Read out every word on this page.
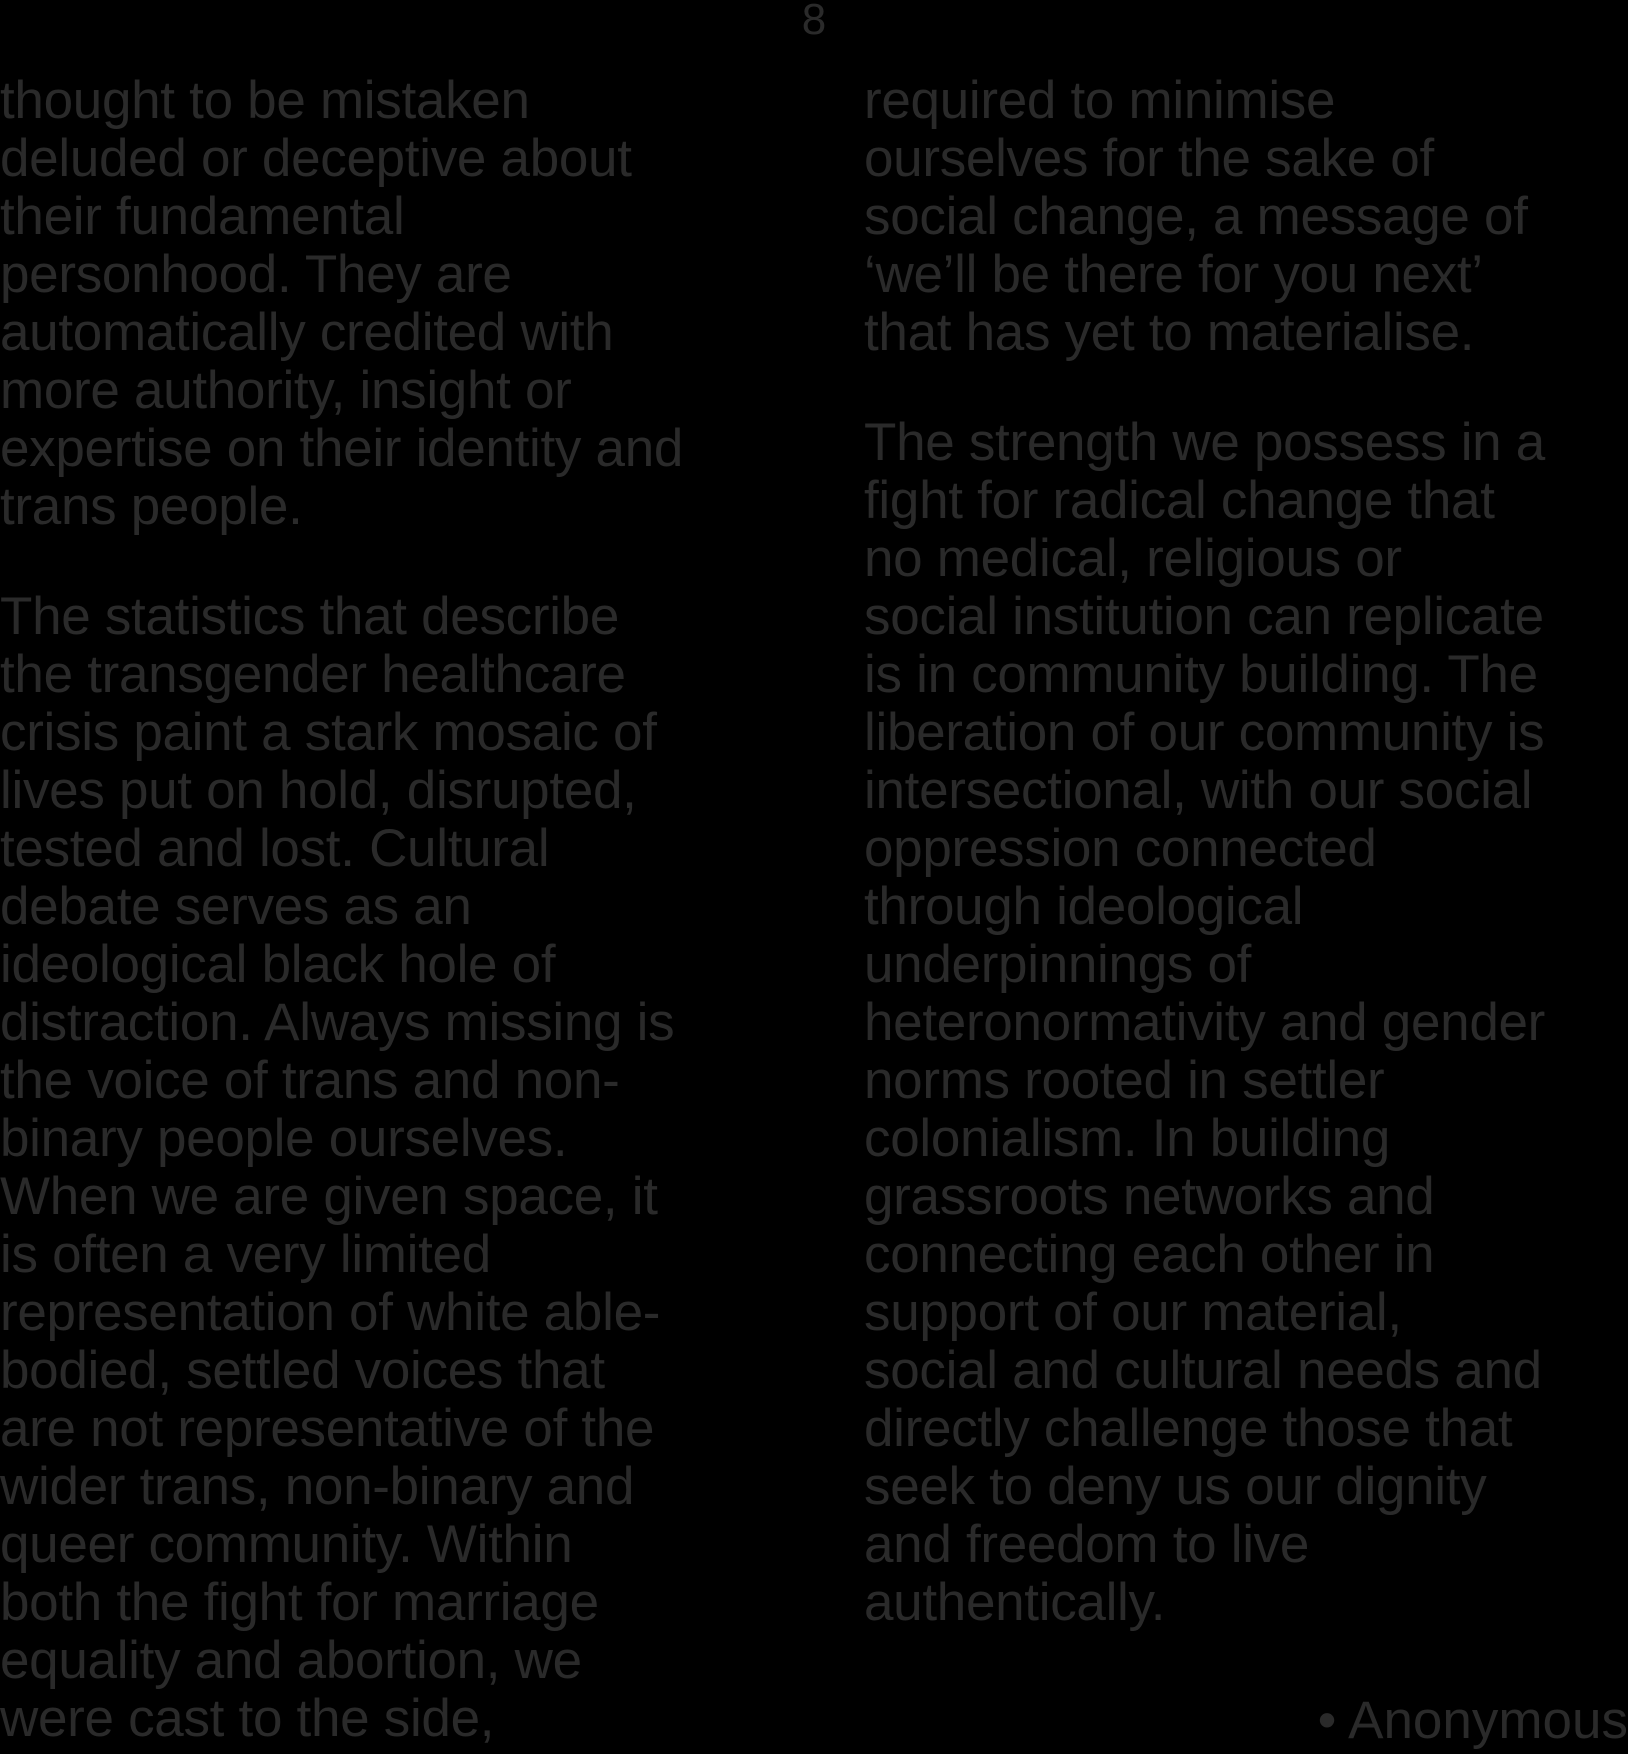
8
thought to be mistaken
deluded or deceptive about
their fundamental
personhood. They are
automatically credited with
more authority, insight or
expertise on their identity and
trans people.
The statistics that describe
the transgender healthcare
crisis paint a stark mosaic of
lives put on hold, disrupted,
tested and lost. Cultural
debate serves as an
ideological black hole of
distraction. Always missing is
the voice of trans and non-
binary people ourselves.
When we are given space, it
is often a very limited
representation of white able-
bodied, settled voices that
are not representative of the
wider trans, non-binary and
queer community. Within
both the fight for marriage
equality and abortion, we
were cast to the side,
required to minimise
ourselves for the sake of
social change, a message of
‘we’ll be there for you next’
that has yet to materialise.
The strength we possess in a
fight for radical change that
no medical, religious or
social institution can replicate
is in community building. The
liberation of our community is
intersectional, with our social
oppression connected
through ideological
underpinnings of
heteronormativity and gender
norms rooted in settler
colonialism. In building
grassroots networks and
connecting each other in
support of our material,
social and cultural needs and
directly challenge those that
seek to deny us our dignity
and freedom to live
authentically.
• Anonymous
